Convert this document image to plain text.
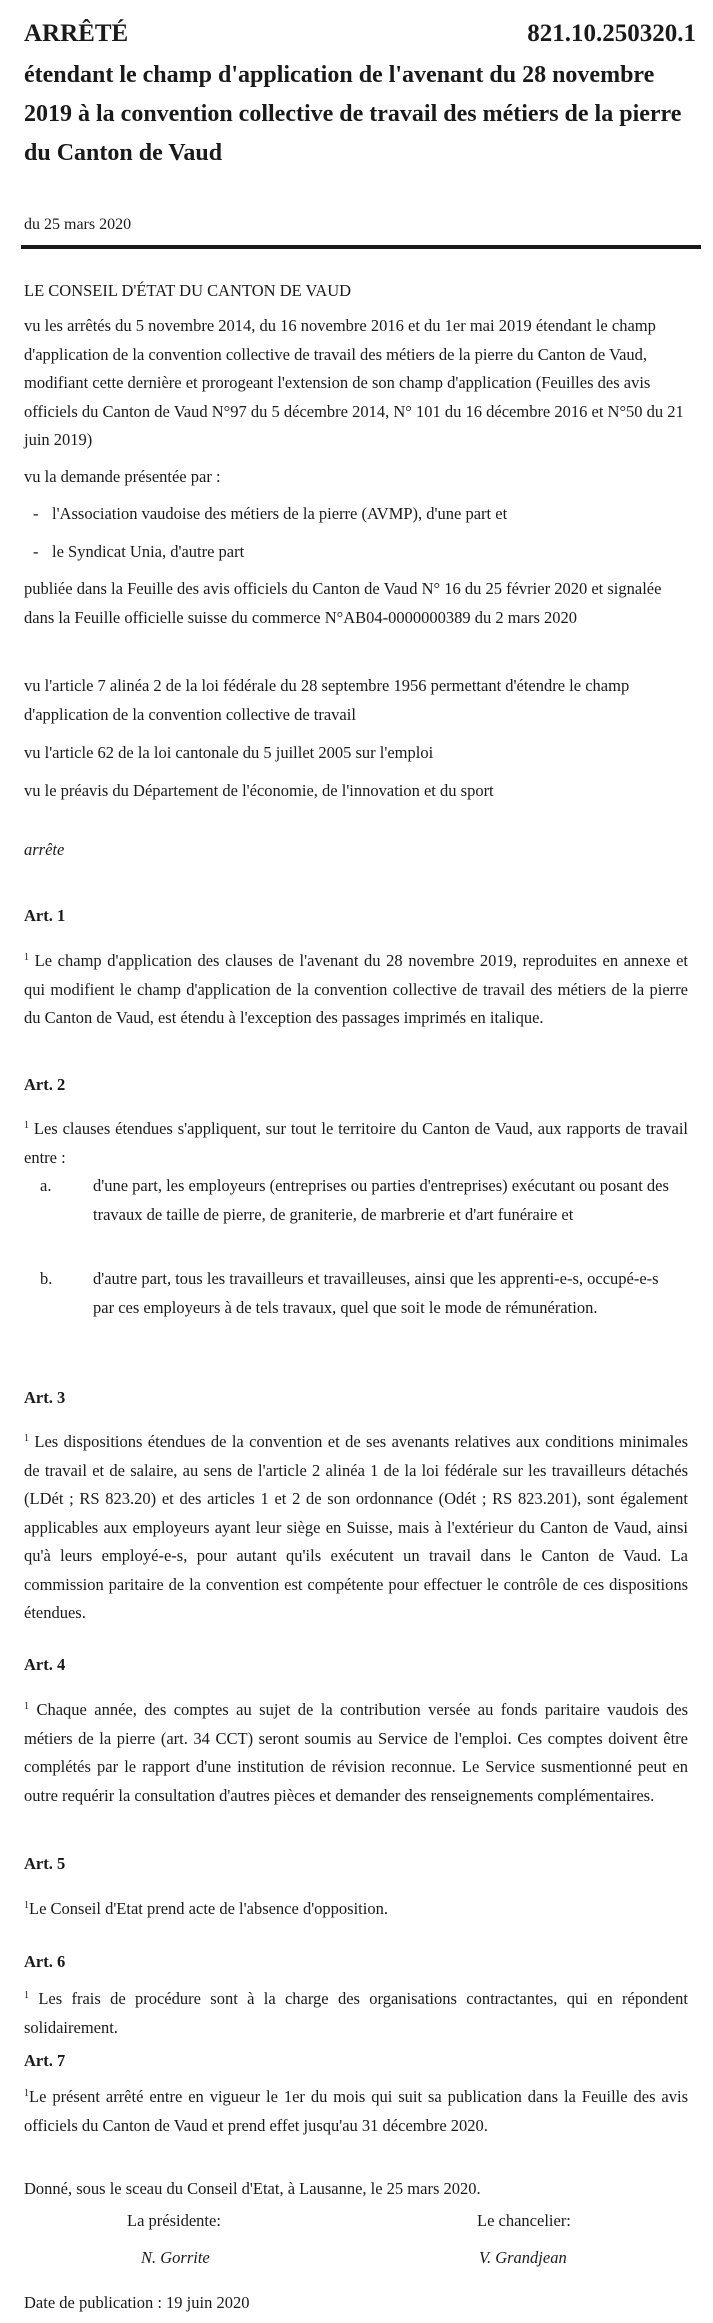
ARRÊTÉ	821.10.250320.1
étendant le champ d'application de l'avenant du 28 novembre 2019 à la convention collective de travail des métiers de la pierre du Canton de Vaud
du 25 mars 2020
LE CONSEIL D'ÉTAT DU CANTON DE VAUD
vu les arrêtés du 5 novembre 2014, du 16 novembre 2016 et du 1er mai 2019 étendant le champ d'application de la convention collective de travail des métiers de la pierre du Canton de Vaud, modifiant cette dernière et prorogeant l'extension de son champ d'application (Feuilles des avis officiels du Canton de Vaud N°97 du 5 décembre 2014, N° 101 du 16 décembre 2016 et N°50 du 21 juin 2019)
vu la demande présentée par :
- l'Association vaudoise des métiers de la pierre (AVMP), d'une part et
- le Syndicat Unia, d'autre part
publiée dans la Feuille des avis officiels du Canton de Vaud N° 16 du 25 février 2020 et signalée dans la Feuille officielle suisse du commerce N°AB04-0000000389 du 2 mars 2020
vu l'article 7 alinéa 2 de la loi fédérale du 28 septembre 1956 permettant d'étendre le champ d'application de la convention collective de travail
vu l'article 62 de la loi cantonale du 5 juillet 2005 sur l'emploi
vu le préavis du Département de l'économie, de l'innovation et du sport
arrête
Art. 1
$^1$ Le champ d'application des clauses de l'avenant du 28 novembre 2019, reproduites en annexe et qui modifient le champ d'application de la convention collective de travail des métiers de la pierre du Canton de Vaud, est étendu à l'exception des passages imprimés en italique.
Art. 2
$^1$ Les clauses étendues s'appliquent, sur tout le territoire du Canton de Vaud, aux rapports de travail entre :
a.	d'une part, les employeurs (entreprises ou parties d'entreprises) exécutant ou posant des travaux de taille de pierre, de graniterie, de marbrerie et d'art funéraire et
b. d'autre part, tous les travailleurs et travailleuses, ainsi que les apprenti-e-s, occupé-e-s par ces employeurs à de tels travaux, quel que soit le mode de rémunération.
Art. 3
$^1$ Les dispositions étendues de la convention et de ses avenants relatives aux conditions minimales de travail et de salaire, au sens de l'article 2 alinéa 1 de la loi fédérale sur les travailleurs détachés (LDét ; RS 823.20) et des articles 1 et 2 de son ordonnance (Odét ; RS 823.201), sont également applicables aux employeurs ayant leur siège en Suisse, mais à l'extérieur du Canton de Vaud, ainsi qu'à leurs employé-e-s, pour autant qu'ils exécutent un travail dans le Canton de Vaud. La commission paritaire de la convention est compétente pour effectuer le contrôle de ces dispositions étendues.
Art. 4
$^1$ Chaque année, des comptes au sujet de la contribution versée au fonds paritaire vaudois des métiers de la pierre (art. 34 CCT) seront soumis au Service de l'emploi. Ces comptes doivent être complétés par le rapport d'une institution de révision reconnue. Le Service susmentionné peut en outre requérir la consultation d'autres pièces et demander des renseignements complémentaires.
Art. 5
$^1$Le Conseil d'Etat prend acte de l'absence d'opposition.
Art. 6
$^1$ Les frais de procédure sont à la charge des organisations contractantes, qui en répondent solidairement.
Art. 7
$^1$Le présent arrêté entre en vigueur le 1er du mois qui suit sa publication dans la Feuille des avis officiels du Canton de Vaud et prend effet jusqu'au 31 décembre 2020.
Donné, sous le sceau du Conseil d'Etat, à Lausanne, le 25 mars 2020.
La présidente:	Le chancelier:
N. Gorrite	V. Grandjean
Date de publication : 19 juin 2020
